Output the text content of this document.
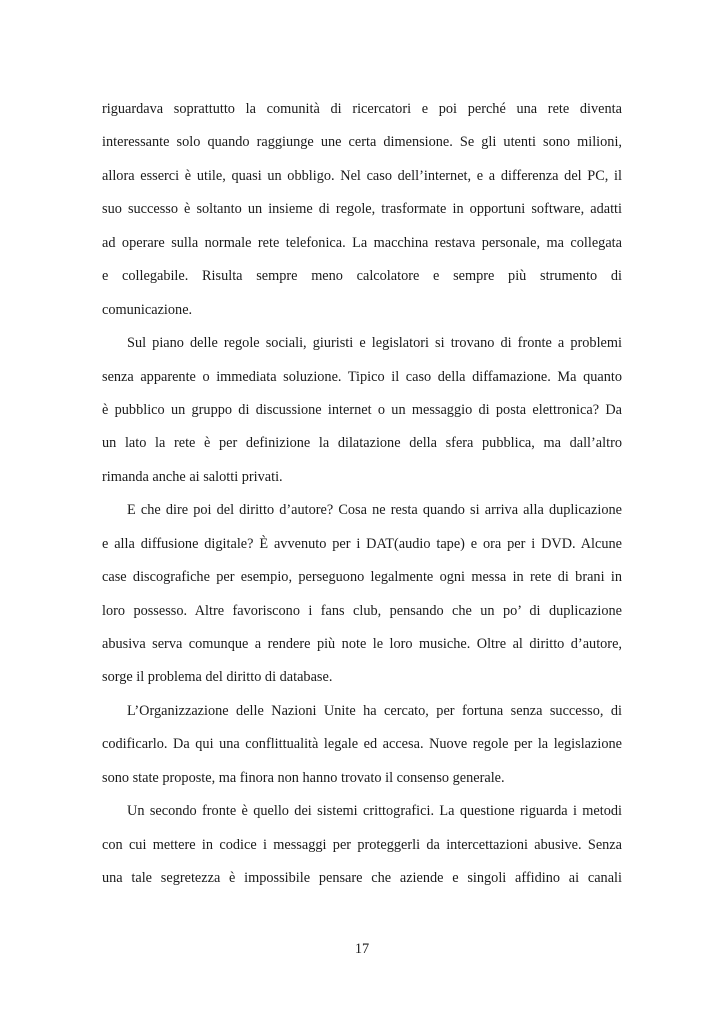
riguardava soprattutto la comunità di ricercatori e poi perché una rete diventa
interessante solo quando raggiunge une certa dimensione. Se gli utenti sono milioni,
allora esserci è utile, quasi un obbligo. Nel caso dell’internet, e a differenza del PC, il
suo successo è soltanto un insieme di regole, trasformate in opportuni software, adatti
ad operare sulla normale rete telefonica. La macchina restava personale, ma collegata
e collegabile. Risulta sempre meno calcolatore e sempre più strumento di
comunicazione.
Sul piano delle regole sociali, giuristi e legislatori si trovano di fronte a problemi
senza apparente o immediata soluzione. Tipico il caso della diffamazione. Ma quanto
è pubblico un gruppo di discussione internet o un messaggio di posta elettronica? Da
un lato la rete è per definizione la dilatazione della sfera pubblica, ma dall’altro
rimanda anche ai salotti privati.
E che dire poi del diritto d’autore? Cosa ne resta quando si arriva alla duplicazione
e alla diffusione digitale? È avvenuto per i DAT(audio tape) e ora per i DVD. Alcune
case discografiche per esempio, perseguono legalmente ogni messa in rete di brani in
loro possesso. Altre favoriscono i fans club, pensando che un po’ di duplicazione
abusiva serva comunque a rendere più note le loro musiche. Oltre al diritto d’autore,
sorge il problema del diritto di database.
L’Organizzazione delle Nazioni Unite ha cercato, per fortuna senza successo, di
codificarlo. Da qui una conflittualità legale ed accesa. Nuove regole per la legislazione
sono state proposte, ma finora non hanno trovato il consenso generale.
Un secondo fronte è quello dei sistemi crittografici. La questione riguarda i metodi
con cui mettere in codice i messaggi per proteggerli da intercettazioni abusive. Senza
una tale segretezza è impossibile pensare che aziende e singoli affidino ai canali
17
